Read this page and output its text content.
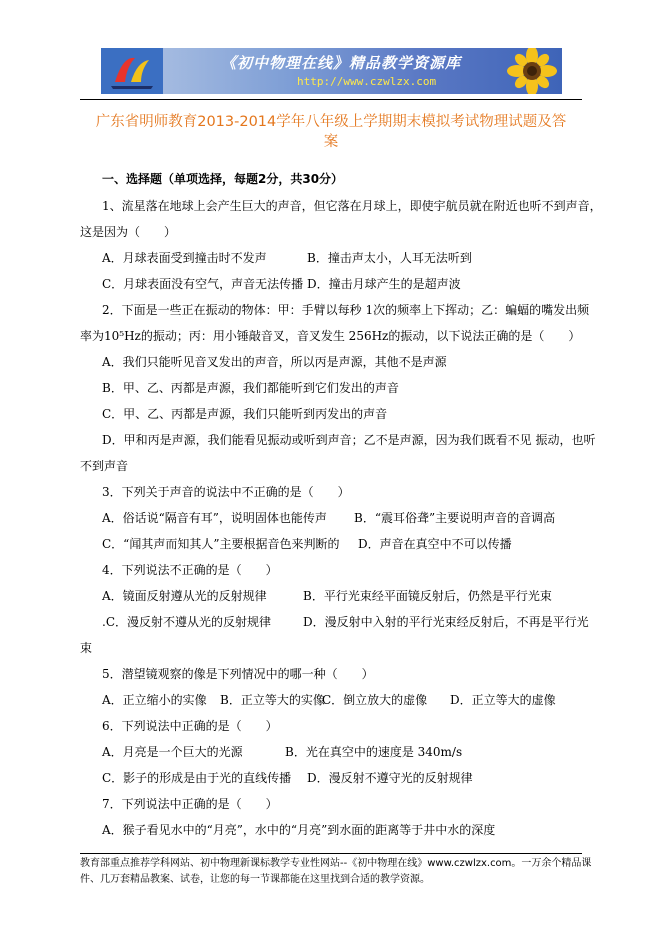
《初中物理在线》精品教学资源库
http://www.czwlzx.com
广东省明师教育2013-2014学年八年级上学期期末模拟考试物理试题及答
案
一、选择题（单项选择，每题2分，共30分）
1、流星落在地球上会产生巨大的声音，但它落在月球上，即使宇航员就在附近也听不到声音，
这是因为（　　）
A．月球表面受到撞击时不发声	B．撞击声太小，人耳无法听到
C．月球表面没有空气，声音无法传播 D．撞击月球产生的是超声波
2．下面是一些正在振动的物体：甲：手臂以每秒 1次的频率上下挥动；乙：蝙蝠的嘴发出频
率为10⁵Hz的振动；丙：用小锤敲音叉，音叉发生 256Hz的振动，以下说法正确的是（　　）
A．我们只能听见音叉发出的声音，所以丙是声源，其他不是声源
B．甲、乙、丙都是声源，我们都能听到它们发出的声音
C．甲、乙、丙都是声源，我们只能听到丙发出的声音
D．甲和丙是声源，我们能看见振动或听到声音；乙不是声源，因为我们既看不见 振动，也听
不到声音
3．下列关于声音的说法中不正确的是（　　）
A．俗话说“隔音有耳”，说明固体也能传声 B．“震耳俗聋”主要说明声音的音调高
C．“闻其声而知其人”主要根据音色来判断的 D．声音在真空中不可以传播
4．下列说法不正确的是（　　）
A．镜面反射遵从光的反射规律	B．平行光束经平面镜反射后，仍然是平行光束
.C．漫反射不遵从光的反射规律	D．漫反射中入射的平行光束经反射后，不再是平行光
束
5．潜望镜观察的像是下列情况中的哪一种（　　）
A．正立缩小的实像 B．正立等大的实像
C．倒立放大的虚像 D．正立等大的虚像
6．下列说法中正确的是（　　）
A．月亮是一个巨大的光源	B．光在真空中的速度是 340m/s
C．影子的形成是由于光的直线传播 D．漫反射不遵守光的反射规律
7．下列说法中正确的是（　　）
A．猴子看见水中的“月亮”，水中的“月亮”到水面的距离等于井中水的深度
教育部重点推荐学科网站、初中物理新课标教学专业性网站--《初中物理在线》www.czwlzx.com。一万余个精品课
件、几万套精品教案、试卷，让您的每一节课都能在这里找到合适的教学资源。
